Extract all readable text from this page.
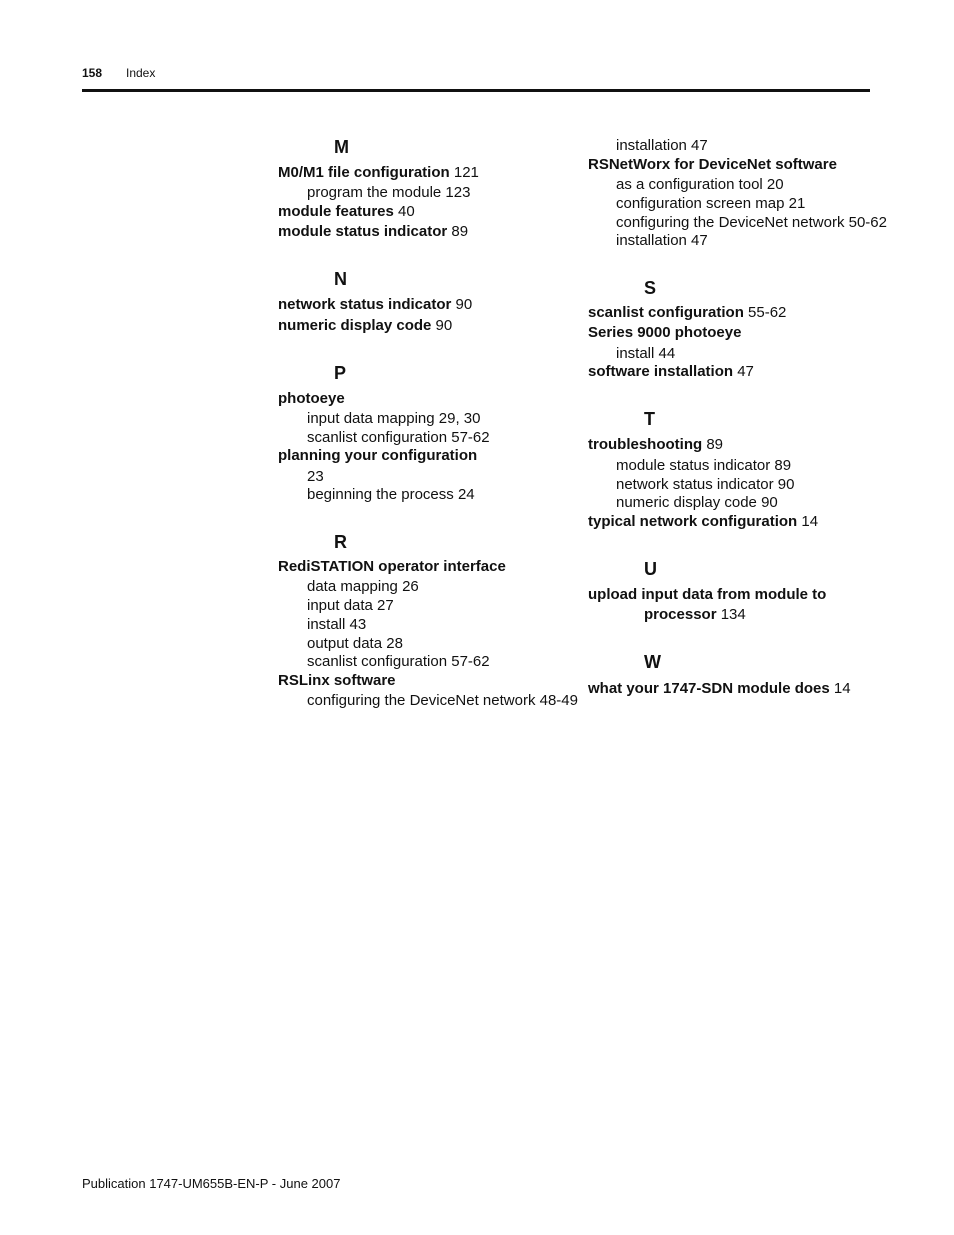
158 Index
M
M0/M1 file configuration 121
program the module 123
module features 40
module status indicator 89
N
network status indicator 90
numeric display code 90
P
photoeye
input data mapping 29, 30
scanlist configuration 57-62
planning your configuration
23
beginning the process 24
R
RediSTATION operator interface
data mapping 26
input data 27
install 43
output data 28
scanlist configuration 57-62
RSLinx software
configuring the DeviceNet network 48-49
installation 47
RSNetWorx for DeviceNet software
as a configuration tool 20
configuration screen map 21
configuring the DeviceNet network 50-62
installation 47
S
scanlist configuration 55-62
Series 9000 photoeye
install 44
software installation 47
T
troubleshooting 89
module status indicator 89
network status indicator 90
numeric display code 90
typical network configuration 14
U
upload input data from module to
processor 134
W
what your 1747-SDN module does 14
Publication 1747-UM655B-EN-P - June 2007
